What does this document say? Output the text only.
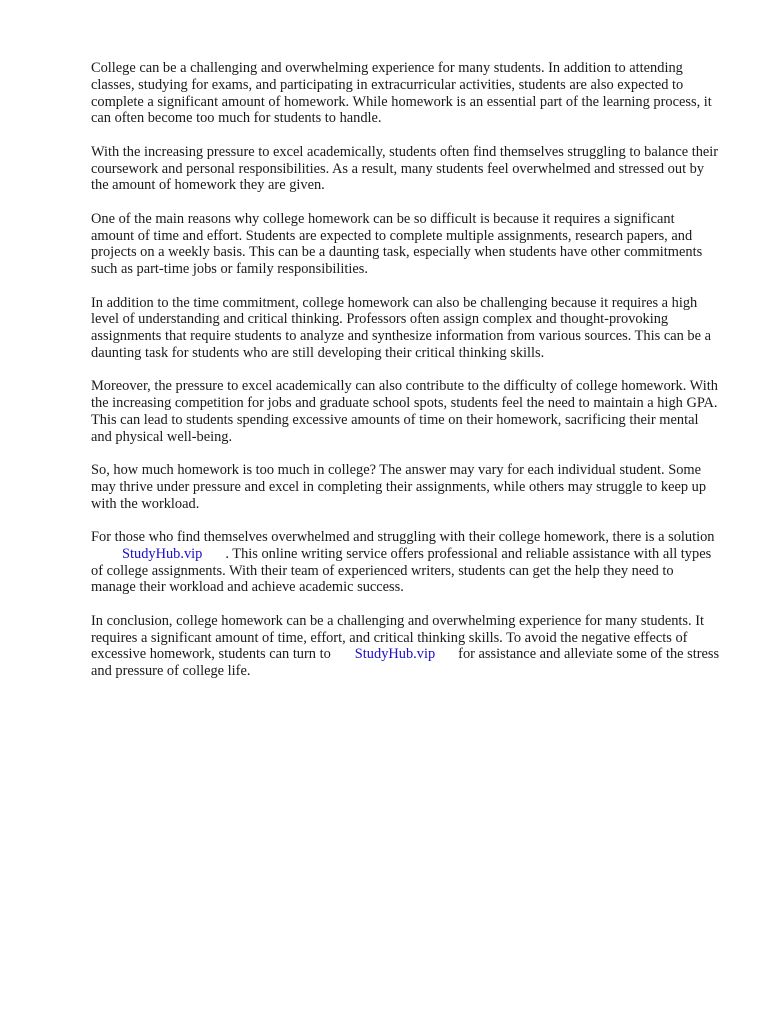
College can be a challenging and overwhelming experience for many students. In addition to attending classes, studying for exams, and participating in extracurricular activities, students are also expected to complete a significant amount of homework. While homework is an essential part of the learning process, it can often become too much for students to handle.

With the increasing pressure to excel academically, students often find themselves struggling to balance their coursework and personal responsibilities. As a result, many students feel overwhelmed and stressed out by the amount of homework they are given.

One of the main reasons why college homework can be so difficult is because it requires a significant amount of time and effort. Students are expected to complete multiple assignments, research papers, and projects on a weekly basis. This can be a daunting task, especially when students have other commitments such as part-time jobs or family responsibilities.

In addition to the time commitment, college homework can also be challenging because it requires a high level of understanding and critical thinking. Professors often assign complex and thought-provoking assignments that require students to analyze and synthesize information from various sources. This can be a daunting task for students who are still developing their critical thinking skills.

Moreover, the pressure to excel academically can also contribute to the difficulty of college homework. With the increasing competition for jobs and graduate school spots, students feel the need to maintain a high GPA. This can lead to students spending excessive amounts of time on their homework, sacrificing their mental and physical well-being.

So, how much homework is too much in college? The answer may vary for each individual student. Some may thrive under pressure and excel in completing their assignments, while others may struggle to keep up with the workload.

For those who find themselves overwhelmed and struggling with their college homework, there is a solutionStudyHub.vip . This online writing service offers professional and reliable assistance with all types of college assignments. With their team of experienced writers, students can get the help they need to manage their workload and achieve academic success.

In conclusion, college homework can be a challenging and overwhelming experience for many students. It requires a significant amount of time, effort, and critical thinking skills. To avoid the negative effects of excessive homework, students can turn to StudyHub.vip for assistance and alleviate some of the stress and pressure of college life.
